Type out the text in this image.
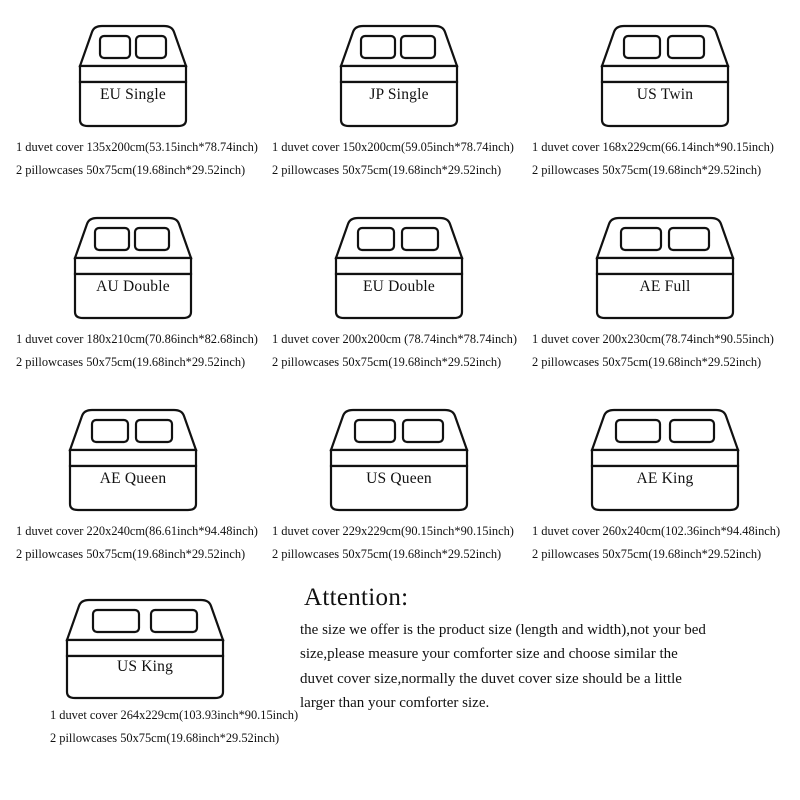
EU Single
1 duvet cover 135x200cm(53.15inch*78.74inch)
2 pillowcases 50x75cm(19.68inch*29.52inch)
JP Single
1 duvet cover 150x200cm(59.05inch*78.74inch)
2 pillowcases 50x75cm(19.68inch*29.52inch)
US Twin
1 duvet cover 168x229cm(66.14inch*90.15inch)
2 pillowcases 50x75cm(19.68inch*29.52inch)
AU Double
1 duvet cover 180x210cm(70.86inch*82.68inch)
2 pillowcases 50x75cm(19.68inch*29.52inch)
EU Double
1 duvet cover 200x200cm (78.74inch*78.74inch)
2 pillowcases 50x75cm(19.68inch*29.52inch)
AE Full
1 duvet cover 200x230cm(78.74inch*90.55inch)
2 pillowcases 50x75cm(19.68inch*29.52inch)
AE Queen
1 duvet cover 220x240cm(86.61inch*94.48inch)
2 pillowcases 50x75cm(19.68inch*29.52inch)
US Queen
1 duvet cover 229x229cm(90.15inch*90.15inch)
2 pillowcases 50x75cm(19.68inch*29.52inch)
AE King
1 duvet cover 260x240cm(102.36inch*94.48inch)
2 pillowcases 50x75cm(19.68inch*29.52inch)
US King
1 duvet cover 264x229cm(103.93inch*90.15inch)
2 pillowcases 50x75cm(19.68inch*29.52inch)
Attention:
the size we offer is the product size (length and width),not your bed
size,please measure your comforter size and choose similar the
duvet cover size,normally the duvet cover size should be a little
larger than your comforter size.
